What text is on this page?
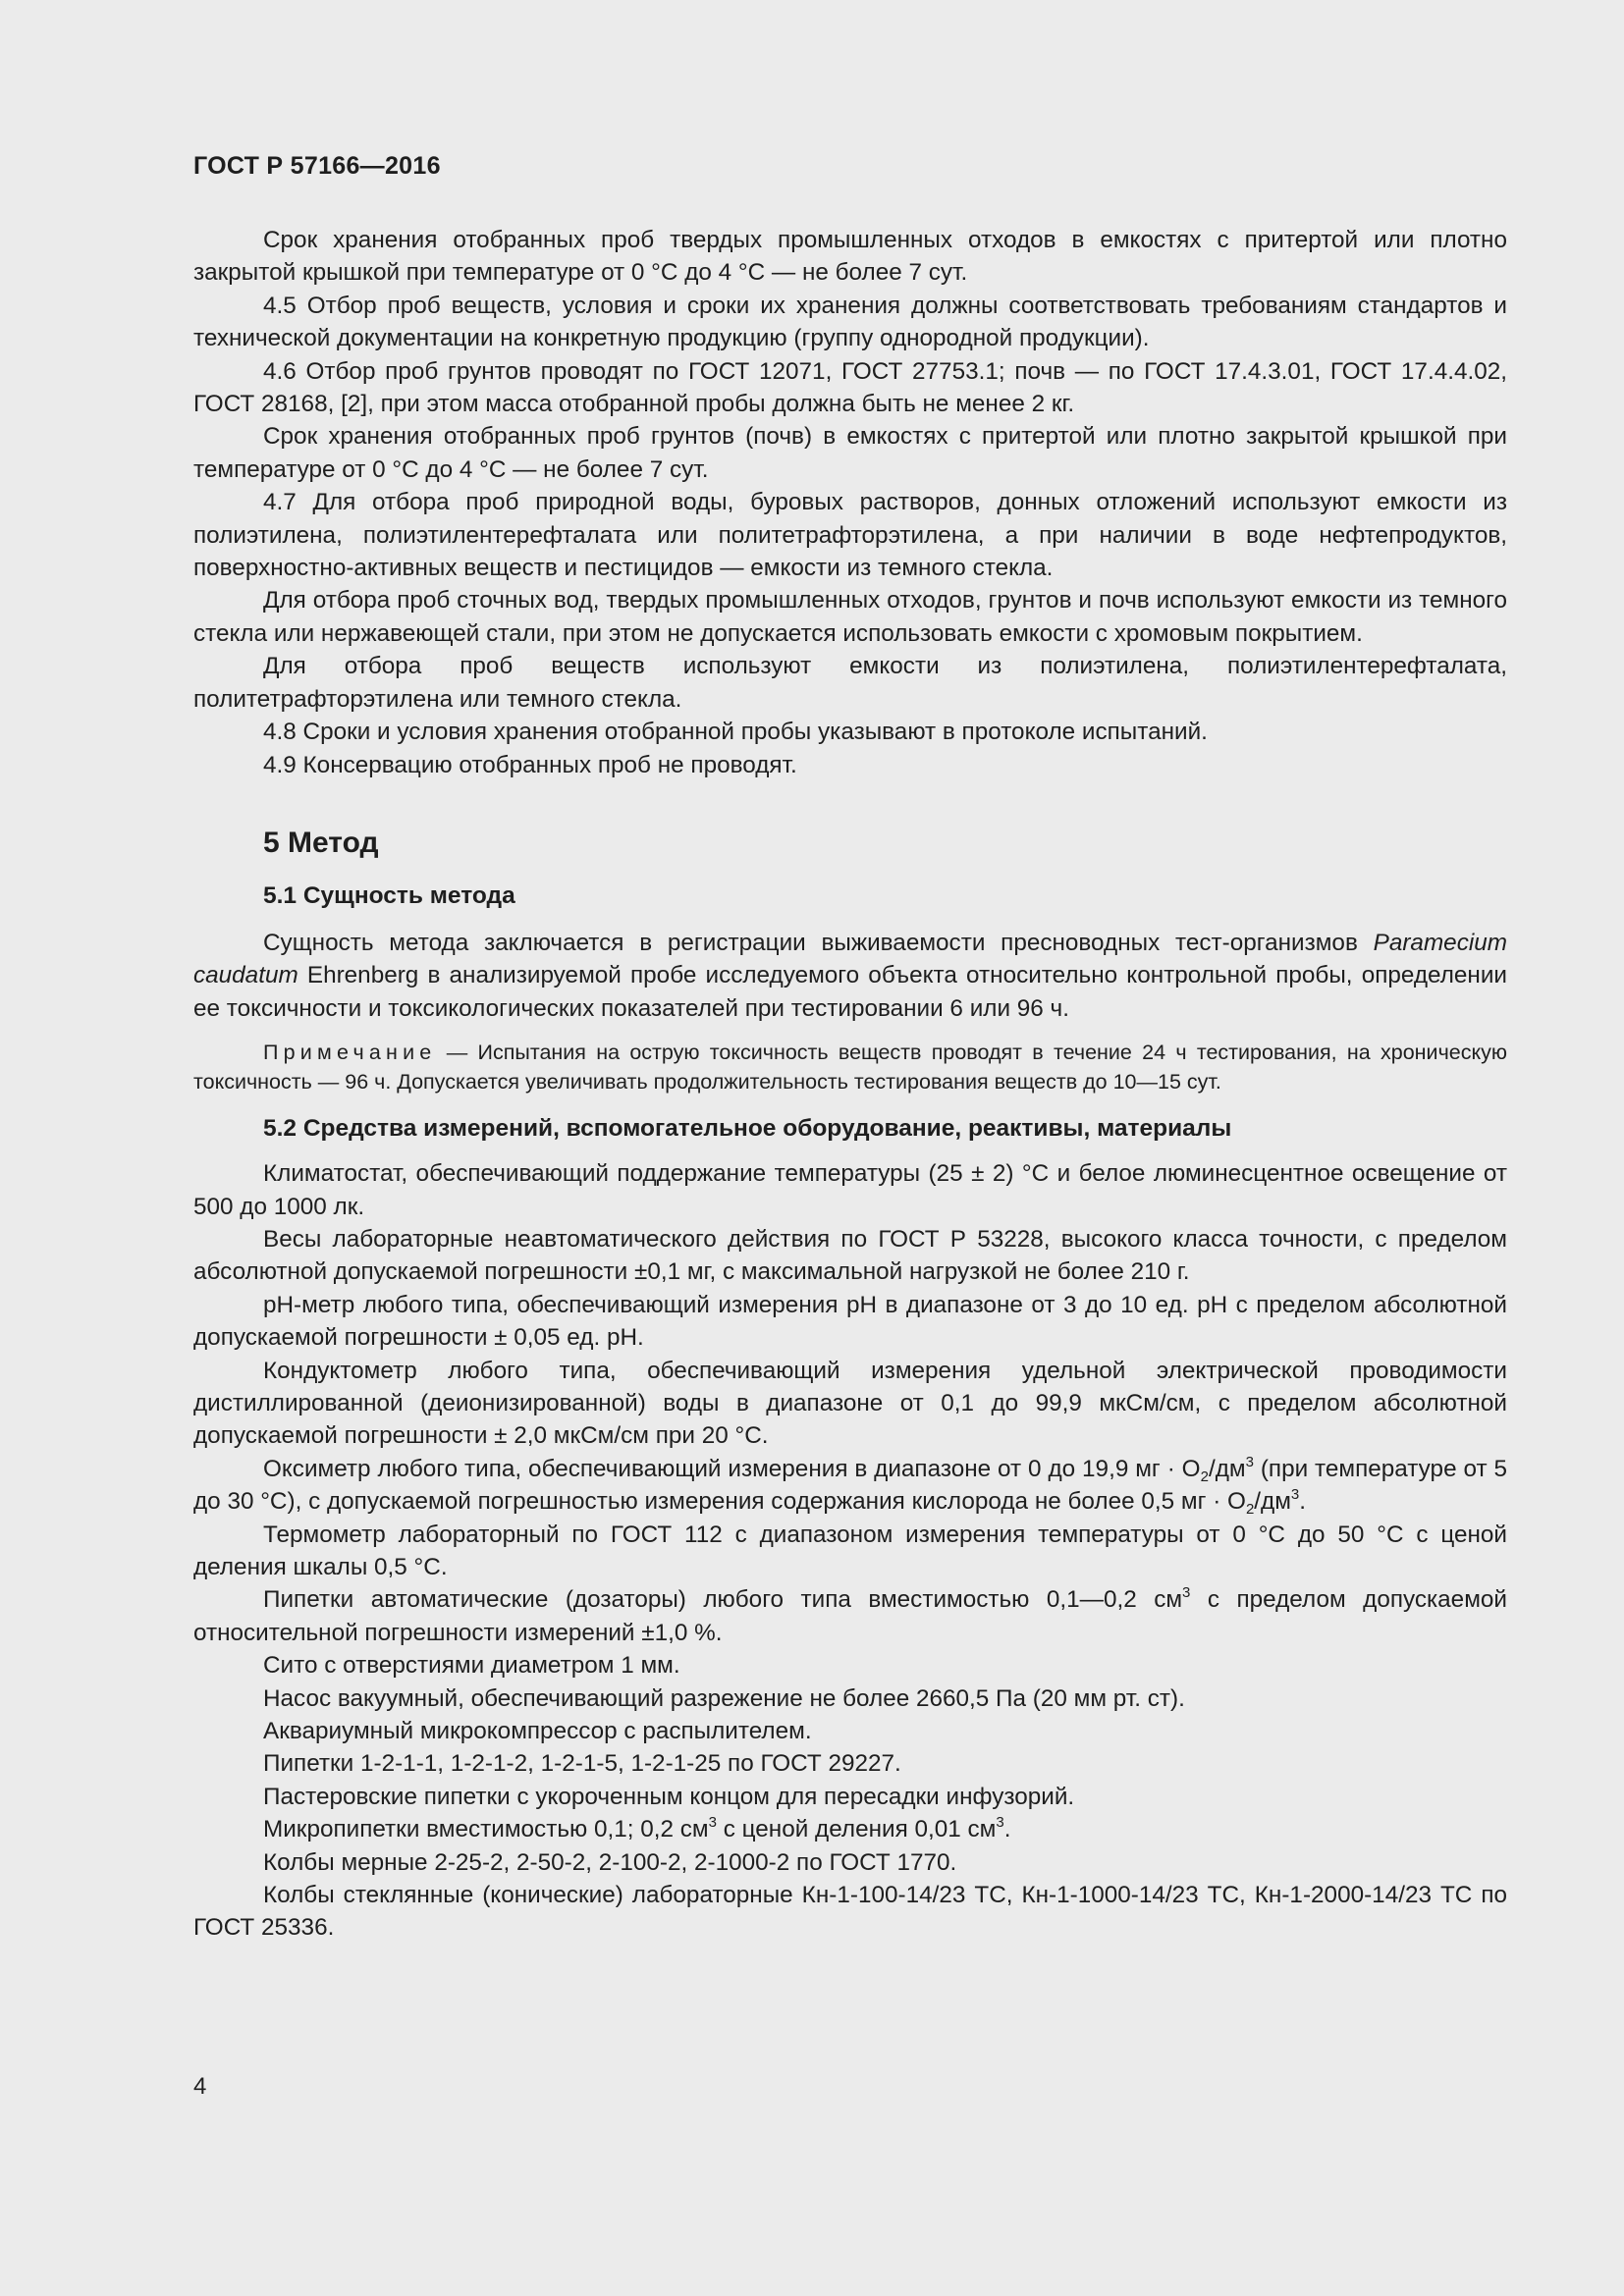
ГОСТ Р 57166—2016

Срок хранения отобранных проб твердых промышленных отходов в емкостях с притертой или плотно закрытой крышкой при температуре от 0 °С до 4 °С — не более 7 сут.

4.5 Отбор проб веществ, условия и сроки их хранения должны соответствовать требованиям стандартов и технической документации на конкретную продукцию (группу однородной продукции).

4.6 Отбор проб грунтов проводят по ГОСТ 12071, ГОСТ 27753.1; почв — по ГОСТ 17.4.3.01, ГОСТ 17.4.4.02, ГОСТ 28168, [2], при этом масса отобранной пробы должна быть не менее 2 кг.

Срок хранения отобранных проб грунтов (почв) в емкостях с притертой или плотно закрытой крышкой при температуре от 0 °С до 4 °С — не более 7 сут.

4.7 Для отбора проб природной воды, буровых растворов, донных отложений используют емкости из полиэтилена, полиэтилентерефталата или политетрафторэтилена, а при наличии в воде нефтепродуктов, поверхностно-активных веществ и пестицидов — емкости из темного стекла.

Для отбора проб сточных вод, твердых промышленных отходов, грунтов и почв используют емкости из темного стекла или нержавеющей стали, при этом не допускается использовать емкости с хромовым покрытием.

Для отбора проб веществ используют емкости из полиэтилена, полиэтилентерефталата, политетрафторэтилена или темного стекла.

4.8 Сроки и условия хранения отобранной пробы указывают в протоколе испытаний.

4.9 Консервацию отобранных проб не проводят.

5 Метод
5.1 Сущность метода

Сущность метода заключается в регистрации выживаемости пресноводных тест-организмов Paramecium caudatum Ehrenberg в анализируемой пробе исследуемого объекта относительно контрольной пробы, определении ее токсичности и токсикологических показателей при тестировании 6 или 96 ч.

Примечание — Испытания на острую токсичность веществ проводят в течение 24 ч тестирования, на хроническую токсичность — 96 ч. Допускается увеличивать продолжительность тестирования веществ до 10—15 сут.

5.2 Средства измерений, вспомогательное оборудование, реактивы, материалы

Климатостат, обеспечивающий поддержание температуры (25 ± 2) °С и белое люминесцентное освещение от 500 до 1000 лк.

Весы лабораторные неавтоматического действия по ГОСТ Р 53228, высокого класса точности, с пределом абсолютной допускаемой погрешности ±0,1 мг, с максимальной нагрузкой не более 210 г.

рН-метр любого типа, обеспечивающий измерения рН в диапазоне от 3 до 10 ед. рН с пределом абсолютной допускаемой погрешности ± 0,05 ед. рН.

Кондуктометр любого типа, обеспечивающий измерения удельной электрической проводимости дистиллированной (деионизированной) воды в диапазоне от 0,1 до 99,9 мкСм/см, с пределом абсолютной допускаемой погрешности ± 2,0 мкСм/см при 20 °С.

Оксиметр любого типа, обеспечивающий измерения в диапазоне от 0 до 19,9 мг · $O_2/дм^3$ (при температуре от 5 до 30 °С), с допускаемой погрешностью измерения содержания кислорода не более 0,5 мг · $O_2/дм^3$.

Термометр лабораторный по ГОСТ 112 с диапазоном измерения температуры от 0 °С до 50 °С с ценой деления шкалы 0,5 °С.

Пипетки автоматические (дозаторы) любого типа вместимостью 0,1—0,2 $см^3$ с пределом допускаемой относительной погрешности измерений ±1,0 %.

Сито с отверстиями диаметром 1 мм.

Насос вакуумный, обеспечивающий разрежение не более 2660,5 Па (20 мм рт. ст).

Аквариумный микрокомпрессор с распылителем.

Пипетки 1-2-1-1, 1-2-1-2, 1-2-1-5, 1-2-1-25 по ГОСТ 29227.

Пастеровские пипетки с укороченным концом для пересадки инфузорий.

Микропипетки вместимостью 0,1; 0,2 $см^3$ с ценой деления 0,01 $см^3$.

Колбы мерные 2-25-2, 2-50-2, 2-100-2, 2-1000-2 по ГОСТ 1770.

Колбы стеклянные (конические) лабораторные Кн-1-100-14/23 ТС, Кн-1-1000-14/23 ТС, Кн-1-2000-14/23 ТС по ГОСТ 25336.

4
